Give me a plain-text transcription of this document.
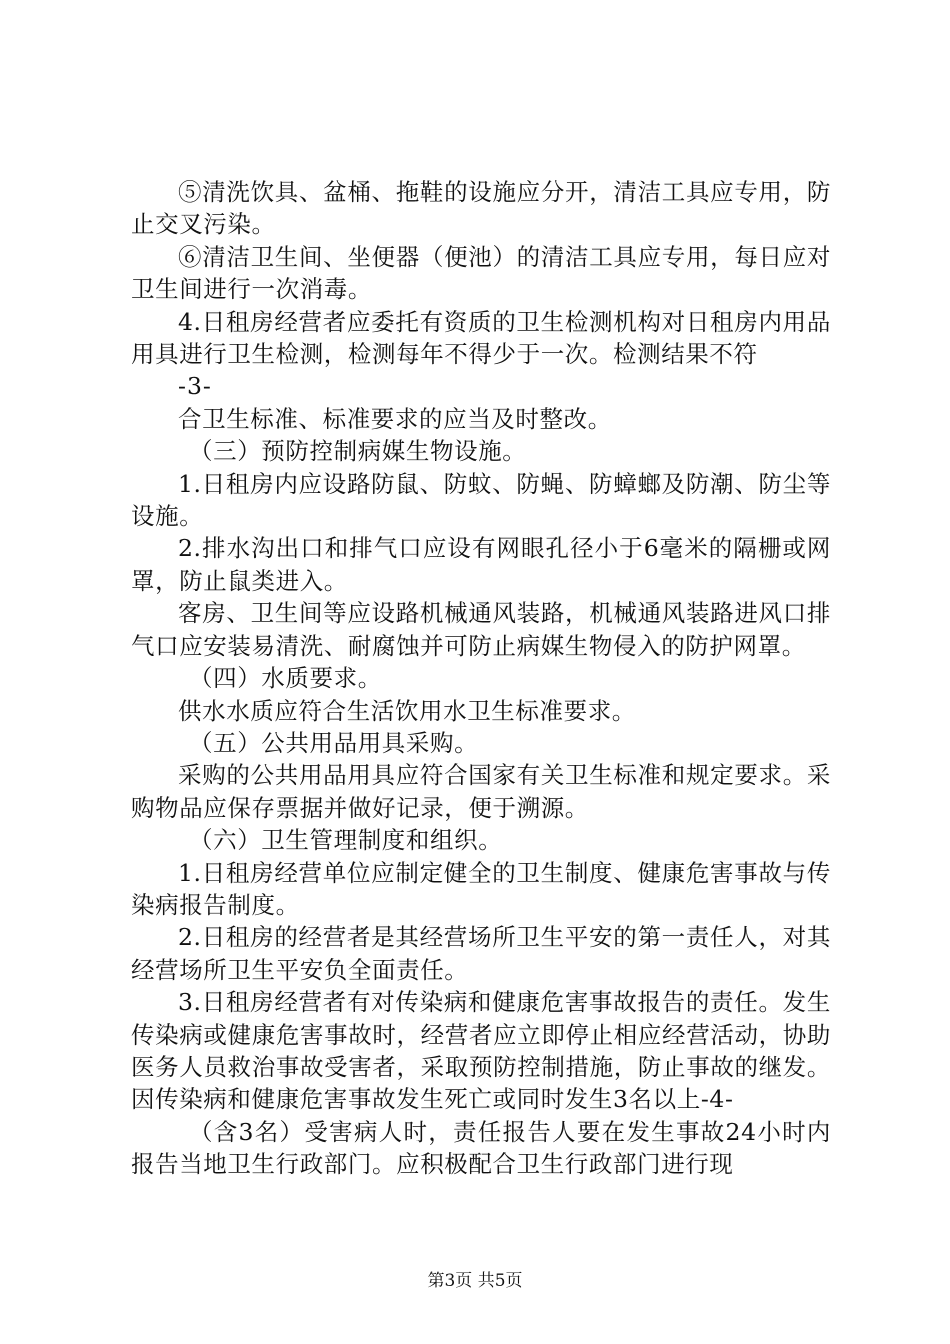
⑤清洗饮具、盆桶、拖鞋的设施应分开，清洁工具应专用，防止交叉污染。

⑥清洁卫生间、坐便器（便池）的清洁工具应专用，每日应对卫生间进行一次消毒。

4.日租房经营者应委托有资质的卫生检测机构对日租房内用品用具进行卫生检测，检测每年不得少于一次。检测结果不符

-3-

合卫生标准、标准要求的应当及时整改。

（三）预防控制病媒生物设施。

1.日租房内应设路防鼠、防蚊、防蝇、防蟑螂及防潮、防尘等设施。

2.排水沟出口和排气口应设有网眼孔径小于6毫米的隔栅或网罩，防止鼠类进入。

客房、卫生间等应设路机械通风装路，机械通风装路进风口排气口应安装易清洗、耐腐蚀并可防止病媒生物侵入的防护网罩。

（四）水质要求。

供水水质应符合生活饮用水卫生标准要求。

（五）公共用品用具采购。

采购的公共用品用具应符合国家有关卫生标准和规定要求。采购物品应保存票据并做好记录，便于溯源。

（六）卫生管理制度和组织。

1.日租房经营单位应制定健全的卫生制度、健康危害事故与传染病报告制度。

2.日租房的经营者是其经营场所卫生平安的第一责任人，对其经营场所卫生平安负全面责任。

3.日租房经营者有对传染病和健康危害事故报告的责任。发生传染病或健康危害事故时，经营者应立即停止相应经营活动，协助医务人员救治事故受害者，采取预防控制措施，防止事故的继发。因传染病和健康危害事故发生死亡或同时发生3名以上-4-

（含3名）受害病人时，责任报告人要在发生事故24小时内　 报告当地卫生行政部门。应积极配合卫生行政部门进行现

第3页 共5页
